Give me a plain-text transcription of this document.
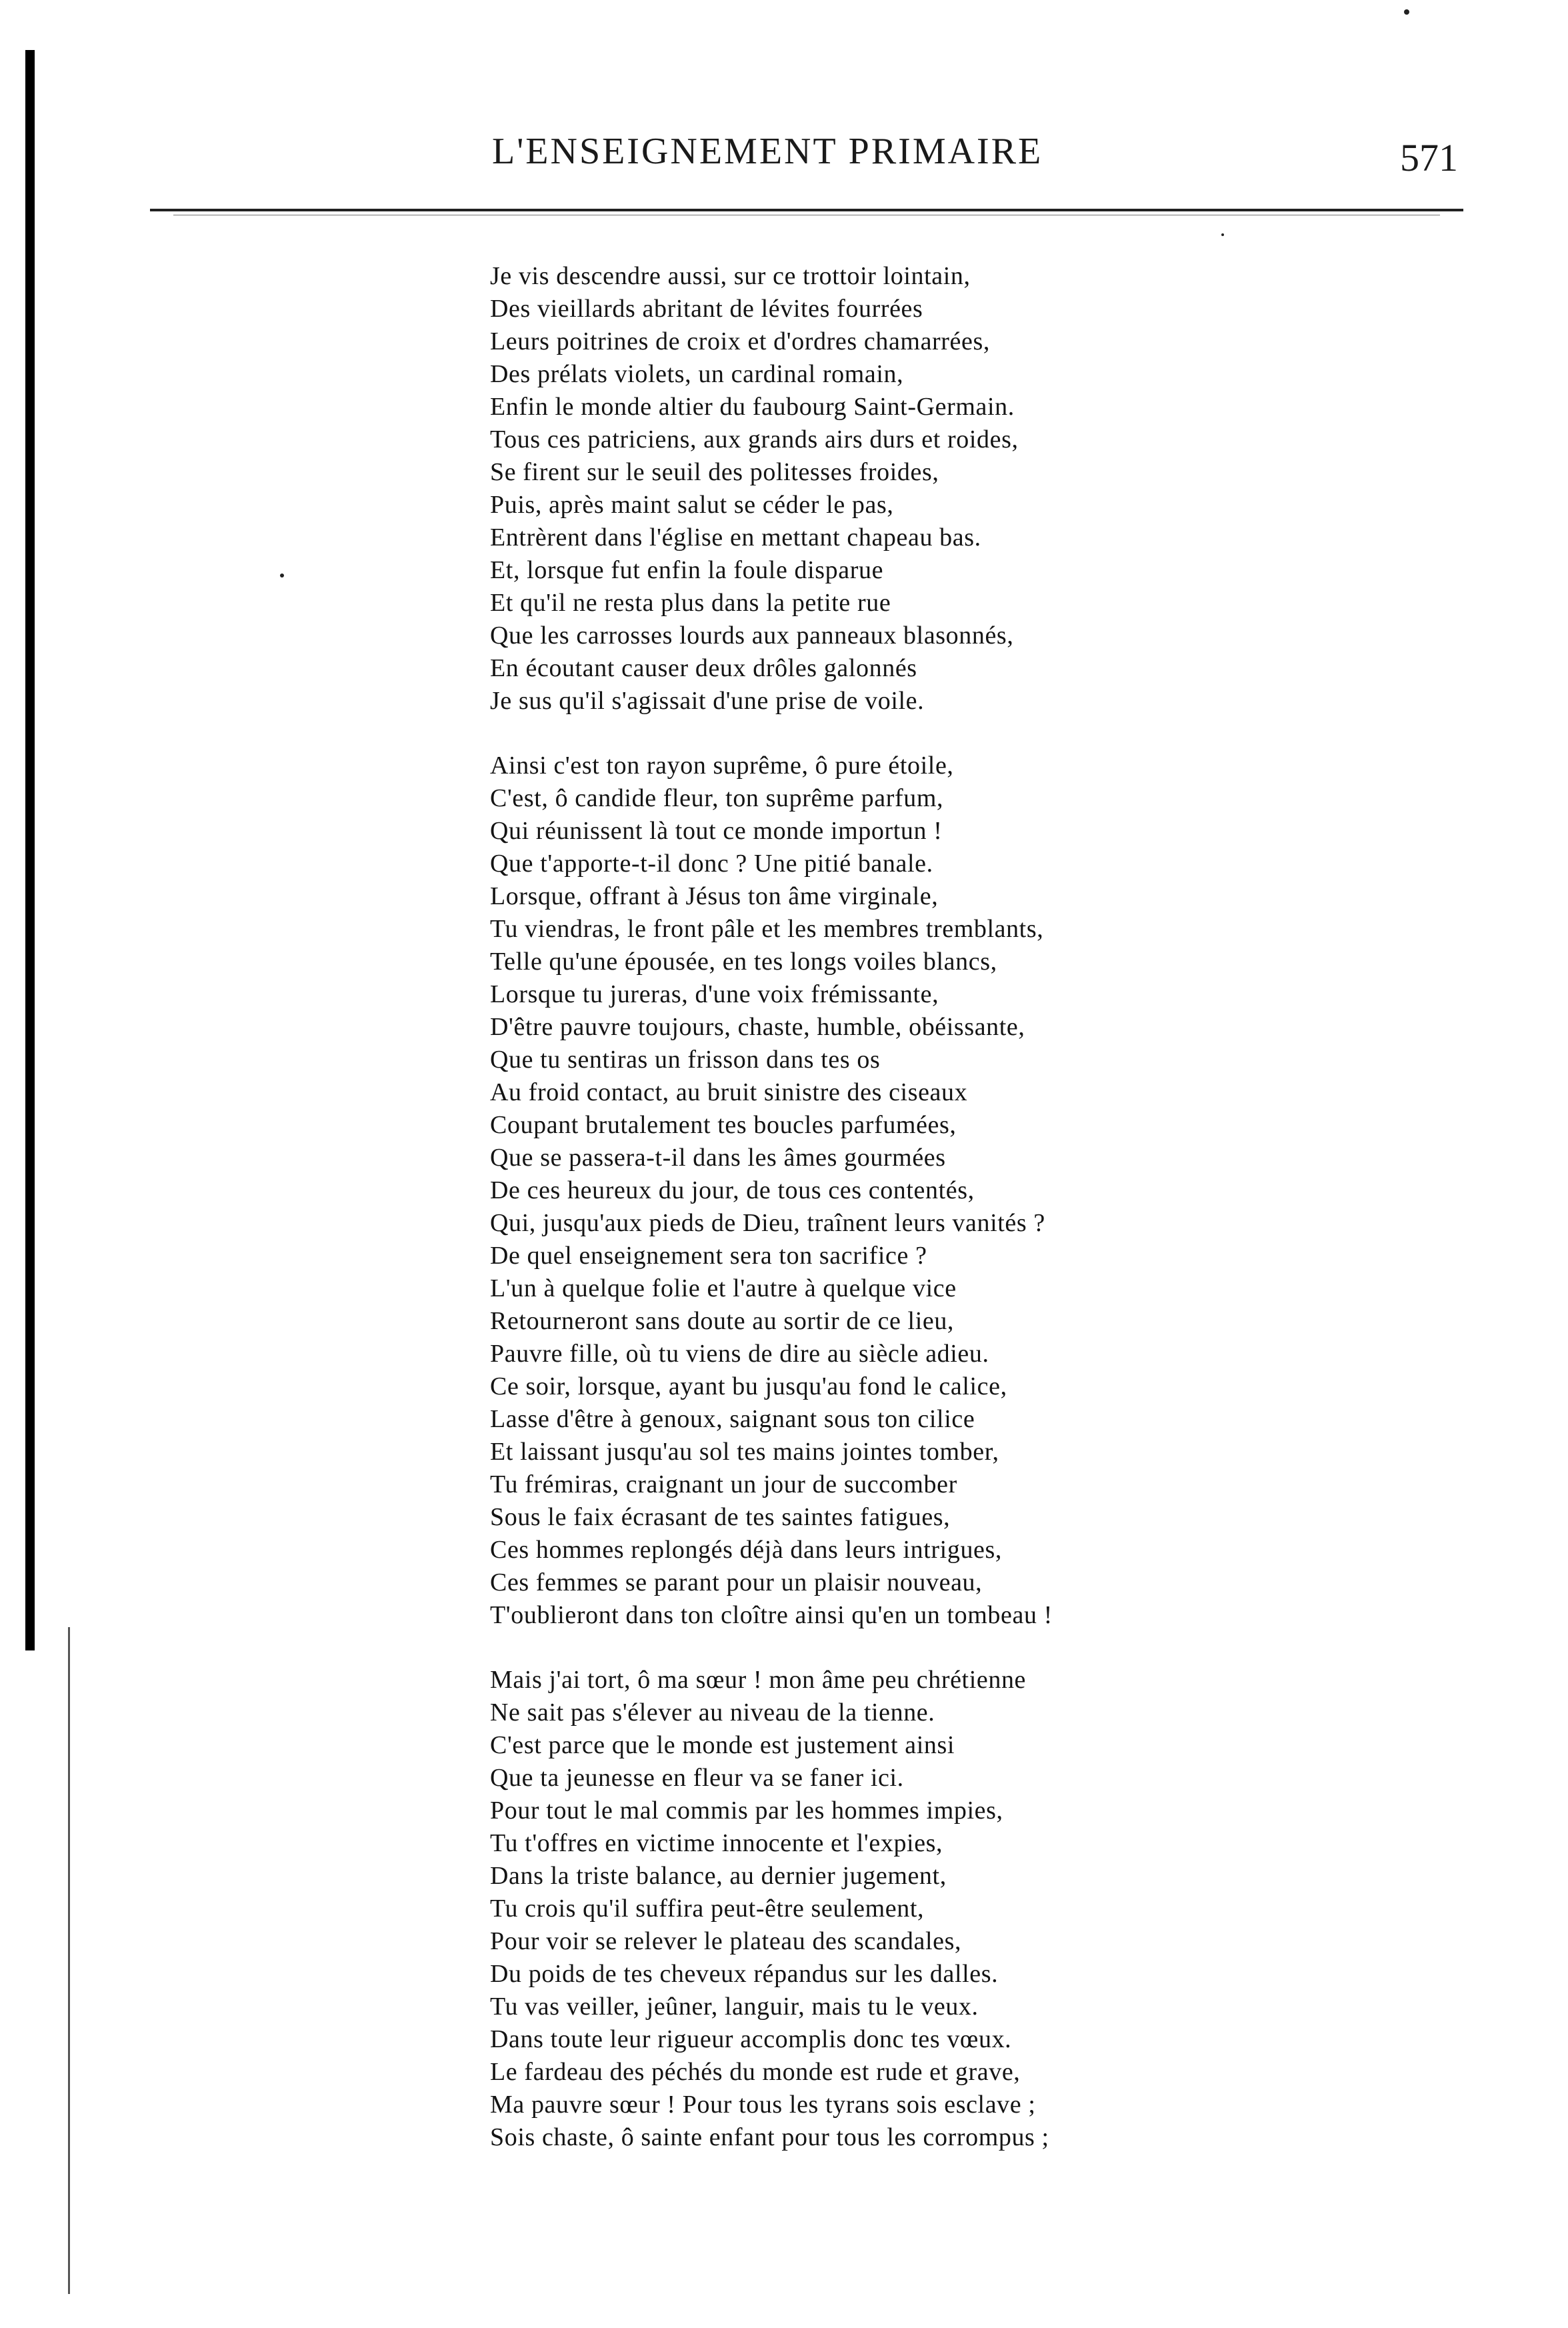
L'ENSEIGNEMENT PRIMAIRE	571
Je vis descendre aussi, sur ce trottoir lointain,
Des vieillards abritant de lévites fourrées
Leurs poitrines de croix et d'ordres chamarrées,
Des prélats violets, un cardinal romain,
Enfin le monde altier du faubourg Saint-Germain.
Tous ces patriciens, aux grands airs durs et roides,
Se firent sur le seuil des politesses froides,
Puis, après maint salut se céder le pas,
Entrèrent dans l'église en mettant chapeau bas.
Et, lorsque fut enfin la foule disparue
Et qu'il ne resta plus dans la petite rue
Que les carrosses lourds aux panneaux blasonnés,
En écoutant causer deux drôles galonnés
Je sus qu'il s'agissait d'une prise de voile.
Ainsi c'est ton rayon suprême, ô pure étoile,
C'est, ô candide fleur, ton suprême parfum,
Qui réunissent là tout ce monde importun !
Que t'apporte-t-il donc ? Une pitié banale.
Lorsque, offrant à Jésus ton âme virginale,
Tu viendras, le front pâle et les membres tremblants,
Telle qu'une épousée, en tes longs voiles blancs,
Lorsque tu jureras, d'une voix frémissante,
D'être pauvre toujours, chaste, humble, obéissante,
Que tu sentiras un frisson dans tes os
Au froid contact, au bruit sinistre des ciseaux
Coupant brutalement tes boucles parfumées,
Que se passera-t-il dans les âmes gourmées
De ces heureux du jour, de tous ces contentés,
Qui, jusqu'aux pieds de Dieu, traînent leurs vanités ?
De quel enseignement sera ton sacrifice ?
L'un à quelque folie et l'autre à quelque vice
Retourneront sans doute au sortir de ce lieu,
Pauvre fille, où tu viens de dire au siècle adieu.
Ce soir, lorsque, ayant bu jusqu'au fond le calice,
Lasse d'être à genoux, saignant sous ton cilice
Et laissant jusqu'au sol tes mains jointes tomber,
Tu frémiras, craignant un jour de succomber
Sous le faix écrasant de tes saintes fatigues,
Ces hommes replongés déjà dans leurs intrigues,
Ces femmes se parant pour un plaisir nouveau,
T'oublieront dans ton cloître ainsi qu'en un tombeau !
Mais j'ai tort, ô ma sœur ! mon âme peu chrétienne
Ne sait pas s'élever au niveau de la tienne.
C'est parce que le monde est justement ainsi
Que ta jeunesse en fleur va se faner ici.
Pour tout le mal commis par les hommes impies,
Tu t'offres en victime innocente et l'expies,
Dans la triste balance, au dernier jugement,
Tu crois qu'il suffira peut-être seulement,
Pour voir se relever le plateau des scandales,
Du poids de tes cheveux répandus sur les dalles.
Tu vas veiller, jeûner, languir, mais tu le veux.
Dans toute leur rigueur accomplis donc tes vœux.
Le fardeau des péchés du monde est rude et grave,
Ma pauvre sœur ! Pour tous les tyrans sois esclave ;
Sois chaste, ô sainte enfant pour tous les corrompus ;
